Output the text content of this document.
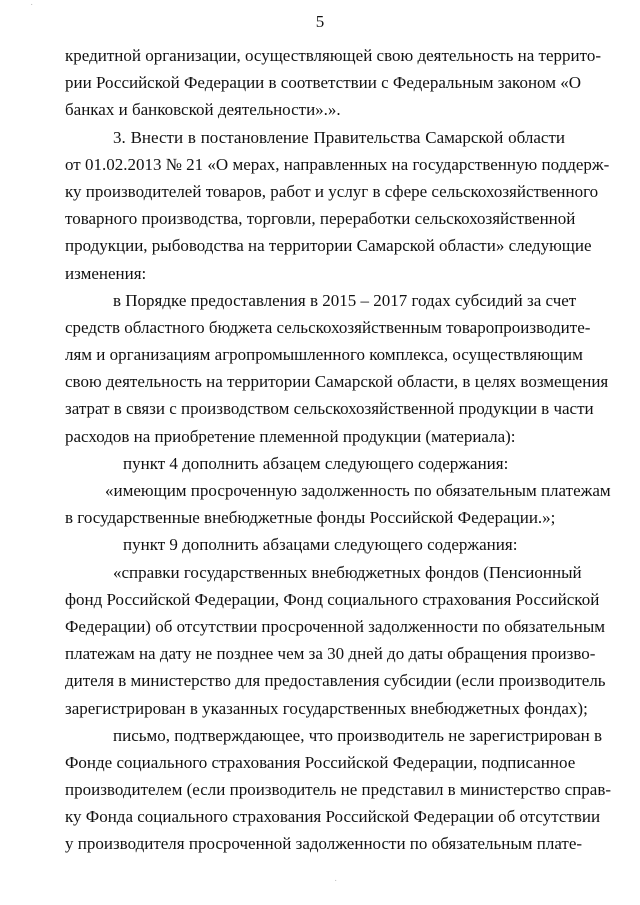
˙
5
кредитной организации, осуществляющей свою деятельность на террито-
рии Российской Федерации в соответствии с Федеральным законом «О
банках и банковской деятельности».».
3. Внести в постановление Правительства Самарской области
от 01.02.2013 № 21 «О мерах, направленных на государственную поддерж-
ку производителей товаров, работ и услуг в сфере сельскохозяйственного
товарного производства, торговли, переработки сельскохозяйственной
продукции, рыбоводства на территории Самарской области» следующие
изменения:
в Порядке предоставления в 2015 – 2017 годах субсидий за счет
средств областного бюджета сельскохозяйственным товаропроизводите-
лям и организациям агропромышленного комплекса, осуществляющим
свою деятельность на территории Самарской области, в целях возмещения
затрат в связи с производством сельскохозяйственной продукции в части
расходов на приобретение племенной продукции (материала):
пункт 4 дополнить абзацем следующего содержания:
«имеющим просроченную задолженность по обязательным платежам
в государственные внебюджетные фонды Российской Федерации.»;
пункт 9 дополнить абзацами следующего содержания:
«справки государственных внебюджетных фондов (Пенсионный
фонд Российской Федерации, Фонд социального страхования Российской
Федерации) об отсутствии просроченной задолженности по обязательным
платежам на дату не позднее чем за 30 дней до даты обращения произво-
дителя в министерство для предоставления субсидии (если производитель
зарегистрирован в указанных государственных внебюджетных фондах);
письмо, подтверждающее, что производитель не зарегистрирован в
Фонде социального страхования Российской Федерации, подписанное
производителем (если производитель не представил в министерство справ-
ку Фонда социального страхования Российской Федерации об отсутствии
у производителя просроченной задолженности по обязательным плате-
˙
